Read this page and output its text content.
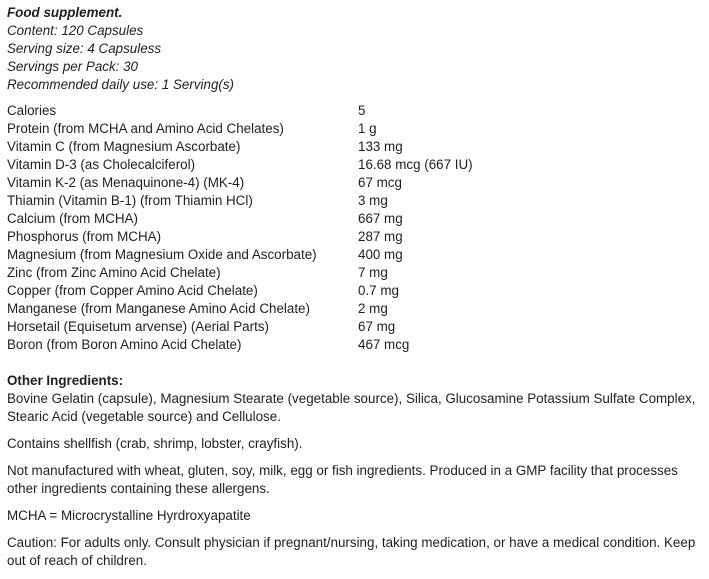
Food supplement.
Content: 120 Capsules
Serving size: 4 Capsuless
Servings per Pack: 30
Recommended daily use: 1 Serving(s)
Calories	5
Protein (from MCHA and Amino Acid Chelates)	1 g
Vitamin C (from Magnesium Ascorbate)	133 mg
Vitamin D-3 (as Cholecalciferol)	16.68 mcg (667 IU)
Vitamin K-2 (as Menaquinone-4) (MK-4)	67 mcg
Thiamin (Vitamin B-1) (from Thiamin HCl)	3 mg
Calcium (from MCHA)	667 mg
Phosphorus (from MCHA)	287 mg
Magnesium (from Magnesium Oxide and Ascorbate)	400 mg
Zinc (from Zinc Amino Acid Chelate)	7 mg
Copper (from Copper Amino Acid Chelate)	0.7 mg
Manganese (from Manganese Amino Acid Chelate)	2 mg
Horsetail (Equisetum arvense) (Aerial Parts)	67 mg
Boron (from Boron Amino Acid Chelate)	467 mcg
Other Ingredients:

Bovine Gelatin (capsule), Magnesium Stearate (vegetable source), Silica, Glucosamine Potassium Sulfate Complex, Stearic Acid (vegetable source) and Cellulose.

Contains shellfish (crab, shrimp, lobster, crayfish).

Not manufactured with wheat, gluten, soy, milk, egg or fish ingredients. Produced in a GMP facility that processes other ingredients containing these allergens.

MCHA = Microcrystalline Hyrdroxyapatite

Caution: For adults only. Consult physician if pregnant/nursing, taking medication, or have a medical condition. Keep out of reach of children.
